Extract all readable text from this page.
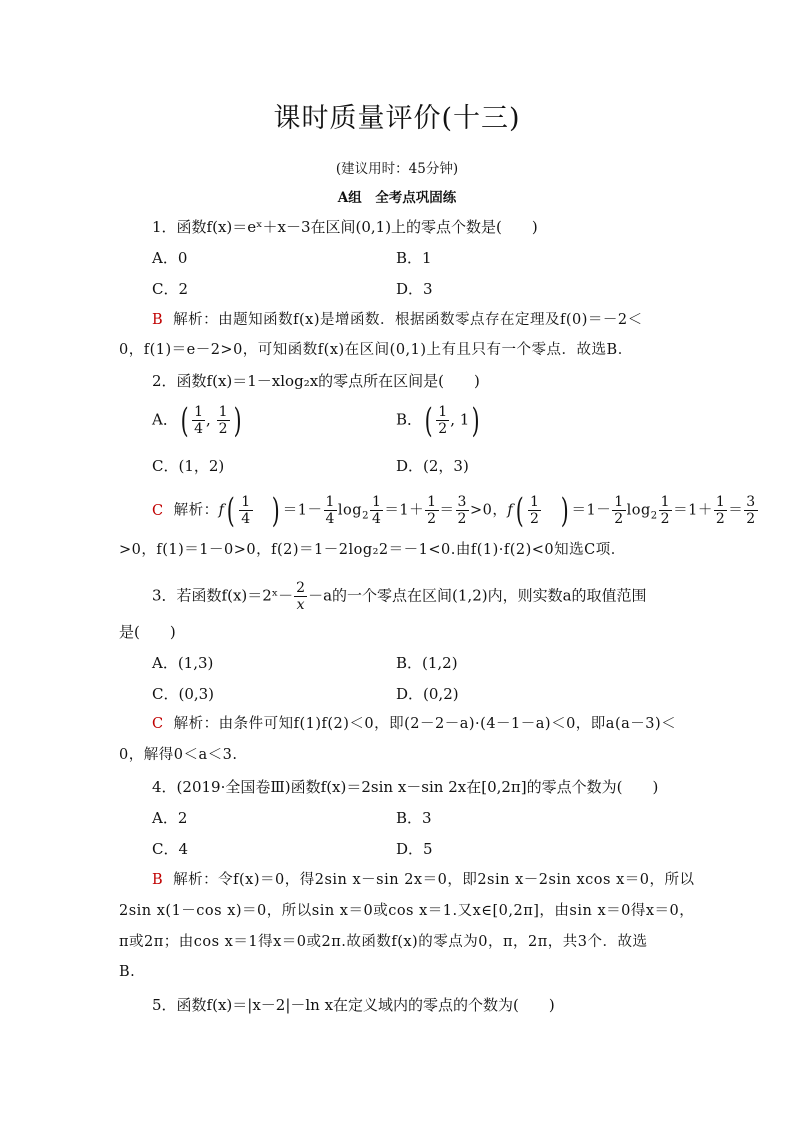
课时质量评价(十三)
(建议用时：45分钟)
A组　全考点巩固练
1．函数f(x)＝eˣ＋x－3在区间(0,1)上的零点个数是(　　)
A．0	B．1
C．2	D．3
B 解析：由题知函数f(x)是增函数．根据函数零点存在定理及f(0)＝－2＜
0，f(1)＝e－2>0，可知函数f(x)在区间(0,1)上有且只有一个零点．故选B．
2．函数f(x)＝1－xlog₂x的零点所在区间是(　　)
A．( $\frac{1}{4}$ , $\frac{1}{2}$ )	B．( $\frac{1}{2}$ , 1)
C．(1，2)	D．(2，3)
C 解析：$f( \frac{1}{4}$ ) $=1- \frac{1}{4} \log_2 \frac{1}{4} =1+ \frac{1}{2} = \frac{3}{2} >0$，$f( \frac{1}{2}$ ) $=1- \frac{1}{2} \log_2 \frac{1}{2} =1+ \frac{1}{2} = \frac{3}{2}$
>0，f(1)＝1－0>0，f(2)＝1－2log₂2＝－1<0.由f(1)·f(2)<0知选C项．
3．若函数f(x)＝2ˣ－ $\frac{2}{x} -a$的一个零点在区间(1,2)内，则实数a的取值范围
是(　　)
A．(1,3)	B．(1,2)
C．(0,3)	D．(0,2)
C 解析：由条件可知f(1)f(2)＜0，即(2－2－a)·(4－1－a)＜0，即a(a－3)＜
0，解得0＜a＜3.
4．(2019·全国卷Ⅲ)函数f(x)＝2sin x－sin 2x在[0,2π]的零点个数为(　　)
A．2	B．3
C．4	D．5
B 解析：令f(x)＝0，得2sin x－sin 2x＝0，即2sin x－2sin xcos x＝0，所以
2sin x(1－cos x)＝0，所以sin x＝0或cos x＝1.又x∈[0,2π]，由sin x＝0得x＝0，
π或2π；由cos x＝1得x＝0或2π.故函数f(x)的零点为0，π，2π，共3个．故选
B.
5．函数f(x)＝|x－2|－ln x在定义域内的零点的个数为(　　)
